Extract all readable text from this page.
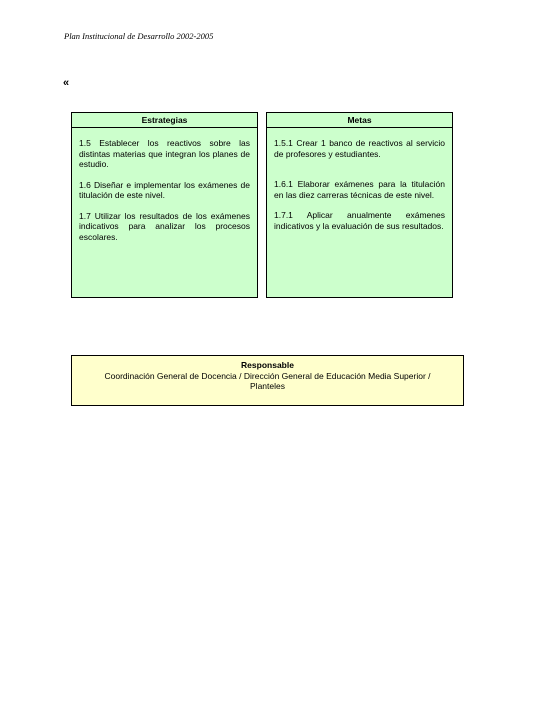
Plan Institucional de Desarrollo 2002-2005
«
Estrategias

1.5 Establecer los reactivos sobre las distintas materias que integran los planes de estudio.

1.6 Diseñar e implementar los exámenes de titulación de este nivel.

1.7 Utilizar los resultados de los exámenes indicativos para analizar los procesos escolares.

Metas

1.5.1 Crear 1 banco de reactivos al servicio de profesores y estudiantes.

1.6.1 Elaborar exámenes para la titulación en las diez carreras técnicas de este nivel.

1.7.1 Aplicar anualmente exámenes indicativos y la evaluación de sus resultados.

Responsable
Coordinación General de Docencia / Dirección General de Educación Media Superior / Planteles
